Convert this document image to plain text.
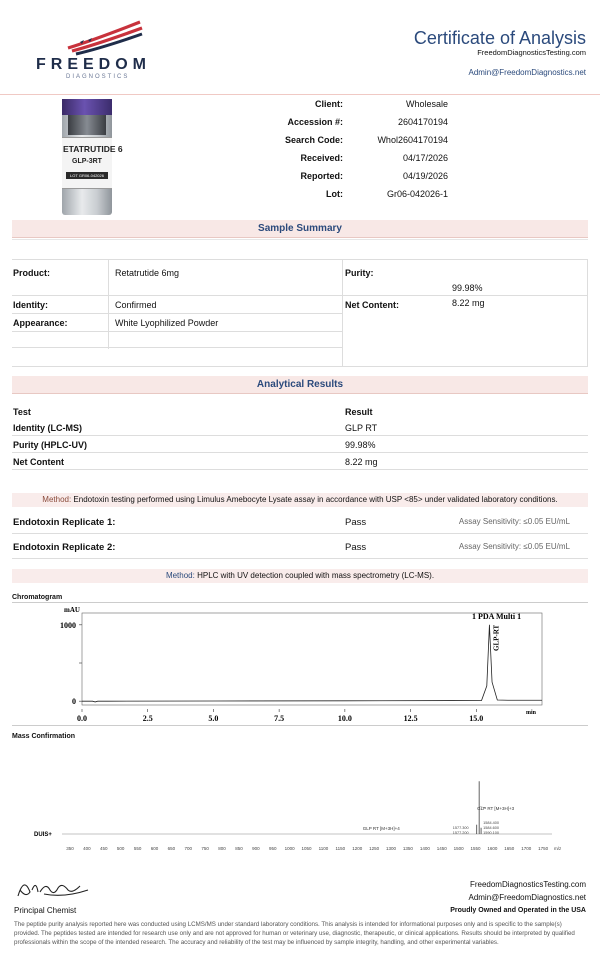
FREEDOM
DIAGNOSTICS
Certificate of Analysis
FreedomDiagnosticsTesting.com
Admin@FreedomDiagnostics.net
ETATRUTIDE 6
GLP-3RT
LOT GR06-042026
Client:	Wholesale
Accession #:	2604170194
Search Code:	Whol2604170194
Received:	04/17/2026
Reported:	04/19/2026
Lot:	Gr06-042026-1
Sample Summary
Product:	Retatrutide 6mg	Purity:
99.98%
Identity:	Confirmed	Net Content:	8.22 mg
Appearance:	White Lyophilized Powder
Analytical Results
Test	Result
Identity (LC-MS)	GLP RT
Purity (HPLC-UV)	99.98%
Net Content	8.22 mg
Method: Endotoxin testing performed using Limulus Amebocyte Lysate assay in accordance with USP <85> under validated laboratory conditions.
Endotoxin Replicate 1:	Pass	Assay Sensitivity: ≤0.05 EU/mL
Endotoxin Replicate 2:	Pass	Assay Sensitivity: ≤0.05 EU/mL
Method: HPLC with UV detection coupled with mass spectrometry (LC-MS).
Chromatogram
mAU
1 PDA Multi 1
min
1000
0
0.0	2.5	5.0	7.5	10.0	12.5	15.0
GLP-RT
Mass Confirmation
DUIS+
350 400 450 500 550 600 650 700 750 800 850 900 950 1000 1050 1100 1150 1200 1250 1300 1350 1400 1450 1500 1550 1600 1650 1700 1750 m/z
GLP RT [M+3H]+3
GLP RT [M+3H]+4
1584.400
1584.600
1590.100
1577.300
1577.200
Principal Chemist
FreedomDiagnosticsTesting.com
Admin@FreedomDiagnostics.net
Proudly Owned and Operated in the USA
The peptide purity analysis reported here was conducted using LCMS/MS under standard laboratory conditions. This analysis is intended for informational purposes only and is specific to the sample(s) provided. The peptides tested are intended for research use only and are not approved for human or veterinary use, diagnostic, therapeutic, or clinical applications. Results should be interpreted by qualified professionals within the scope of the intended research. The accuracy and reliability of the test may be influenced by sample integrity, handling, and other experimental variables.
